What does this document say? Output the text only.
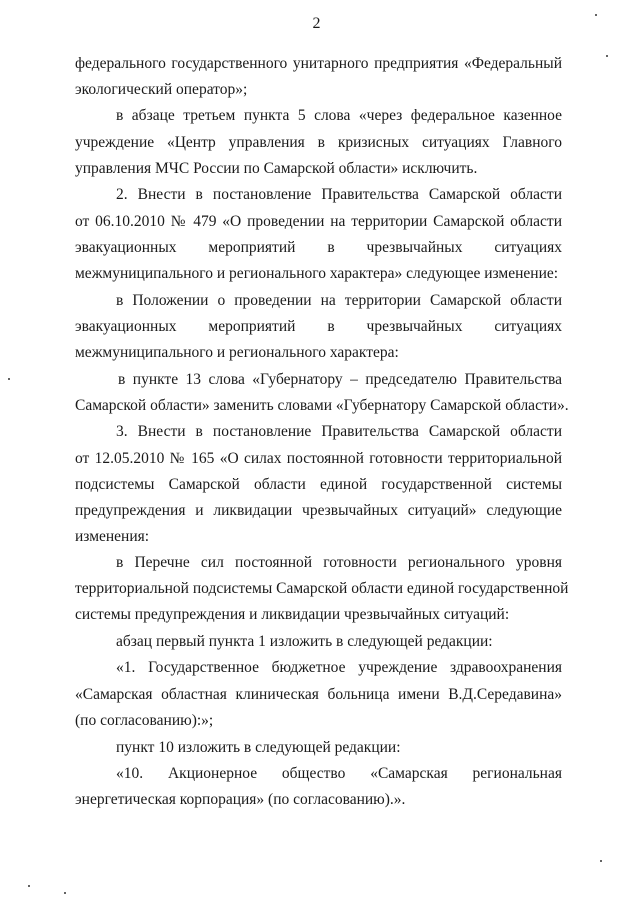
2
федерального государственного унитарного предприятия «Федеральный
экологический оператор»;
в абзаце третьем пункта 5 слова «через федеральное казенное
учреждение «Центр управления в кризисных ситуациях Главного
управления МЧС России по Самарской области» исключить.
2. Внести в постановление Правительства Самарской области
от 06.10.2010 № 479 «О проведении на территории Самарской области
эвакуационных мероприятий в чрезвычайных ситуациях
межмуниципального и регионального характера» следующее изменение:
в Положении о проведении на территории Самарской области
эвакуационных мероприятий в чрезвычайных ситуациях
межмуниципального и регионального характера:
в пункте 13 слова «Губернатору – председателю Правительства
Самарской области» заменить словами «Губернатору Самарской области».
3. Внести в постановление Правительства Самарской области
от 12.05.2010 № 165 «О силах постоянной готовности территориальной
подсистемы Самарской области единой государственной системы
предупреждения и ликвидации чрезвычайных ситуаций» следующие
изменения:
в Перечне сил постоянной готовности регионального уровня
территориальной подсистемы Самарской области единой государственной
системы предупреждения и ликвидации чрезвычайных ситуаций:
абзац первый пункта 1 изложить в следующей редакции:
«1. Государственное бюджетное учреждение здравоохранения
«Самарская областная клиническая больница имени В.Д.Середавина»
(по согласованию):»;
пункт 10 изложить в следующей редакции:
«10. Акционерное общество «Самарская региональная
энергетическая корпорация» (по согласованию).».
